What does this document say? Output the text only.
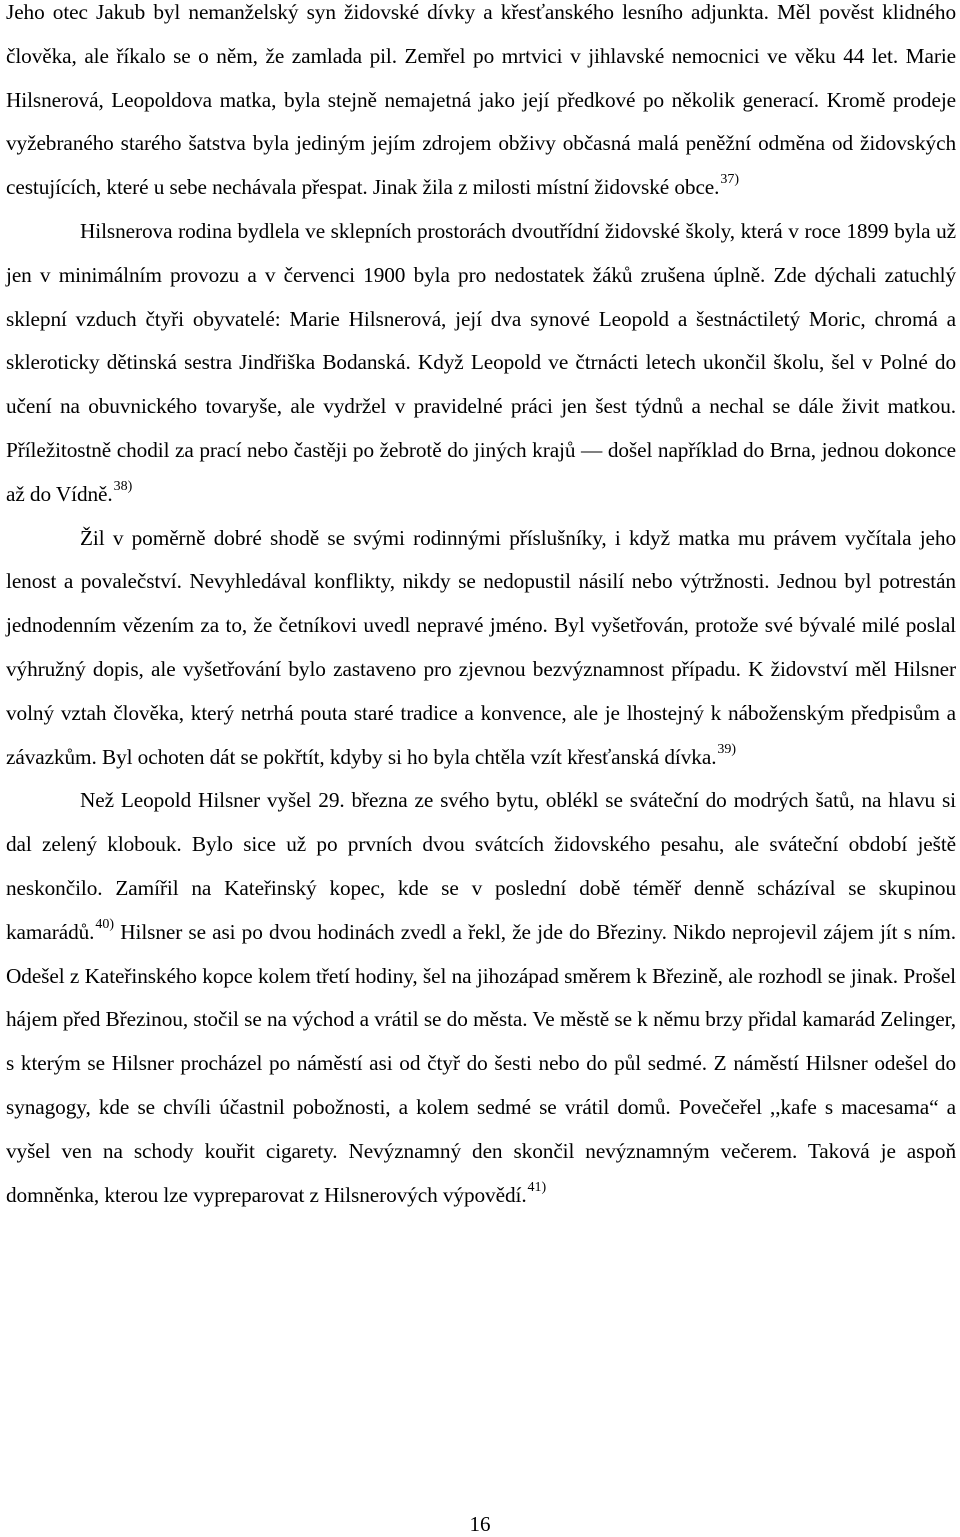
Jeho otec Jakub byl nemanželský syn židovské dívky a křesťanského lesního adjunkta. Měl pověst klidného člověka, ale říkalo se o něm, že zamlada pil. Zemřel po mrtvici v jihlavské nemocnici ve věku 44 let. Marie Hilsnerová, Leopoldova matka, byla stejně nemajetná jako její předkové po několik generací. Kromě prodeje vyžebraného starého šatstva byla jediným jejím zdrojem obživy občasná malá peněžní odměna od židovských cestujících, které u sebe nechávala přespat. Jinak žila z milosti místní židovské obce.$^{37)}$

Hilsnerova rodina bydlela ve sklepních prostorách dvoutřídní židovské školy, která v roce 1899 byla už jen v minimálním provozu a v červenci 1900 byla pro nedostatek žáků zrušena úplně. Zde dýchali zatuchlý sklepní vzduch čtyři obyvatelé: Marie Hilsnerová, její dva synové Leopold a šestnáctiletý Moric, chromá a skleroticky dětinská sestra Jindřiška Bodanská. Když Leopold ve čtrnácti letech ukončil školu, šel v Polné do učení na obuvnického tovaryše, ale vydržel v pravidelné práci jen šest týdnů a nechal se dále živit matkou. Příležitostně chodil za prací nebo častěji po žebrotě do jiných krajů — došel například do Brna, jednou dokonce až do Vídně.$^{38)}$

Žil v poměrně dobré shodě se svými rodinnými příslušníky, i když matka mu právem vyčítala jeho lenost a povalečství. Nevyhledával konflikty, nikdy se nedopustil násilí nebo výtržnosti. Jednou byl potrestán jednodenním vězením za to, že četníkovi uvedl nepravé jméno. Byl vyšetřován, protože své bývalé milé poslal výhružný dopis, ale vyšetřování bylo zastaveno pro zjevnou bezvýznamnost případu. K židovství měl Hilsner volný vztah člověka, který netrhá pouta staré tradice a konvence, ale je lhostejný k náboženským předpisům a závazkům. Byl ochoten dát se pokřtít, kdyby si ho byla chtěla vzít křesťanská dívka.$^{39)}$

Než Leopold Hilsner vyšel 29. března ze svého bytu, oblékl se sváteční do modrých šatů, na hlavu si dal zelený klobouk. Bylo sice už po prvních dvou svátcích židovského pesahu, ale sváteční období ještě neskončilo. Zamířil na Kateřinský kopec, kde se v poslední době téměř denně scházíval se skupinou kamarádů.$^{40)}$ Hilsner se asi po dvou hodinách zvedl a řekl, že jde do Březiny. Nikdo neprojevil zájem jít s ním. Odešel z Kateřinského kopce kolem třetí hodiny, šel na jihozápad směrem k Březině, ale rozhodl se jinak. Prošel hájem před Březinou, stočil se na východ a vrátil se do města. Ve městě se k němu brzy přidal kamarád Zelinger, s kterým se Hilsner procházel po náměstí asi od čtyř do šesti nebo do půl sedmé. Z náměstí Hilsner odešel do synagogy, kde se chvíli účastnil pobožnosti, a kolem sedmé se vrátil domů. Povečeřel ,,kafe s macesama“ a vyšel ven na schody kouřit cigarety. Nevýznamný den skončil nevýznamným večerem. Taková je aspoň domněnka, kterou lze vypreparovat z Hilsnerových výpovědí.$^{41)}$

16
